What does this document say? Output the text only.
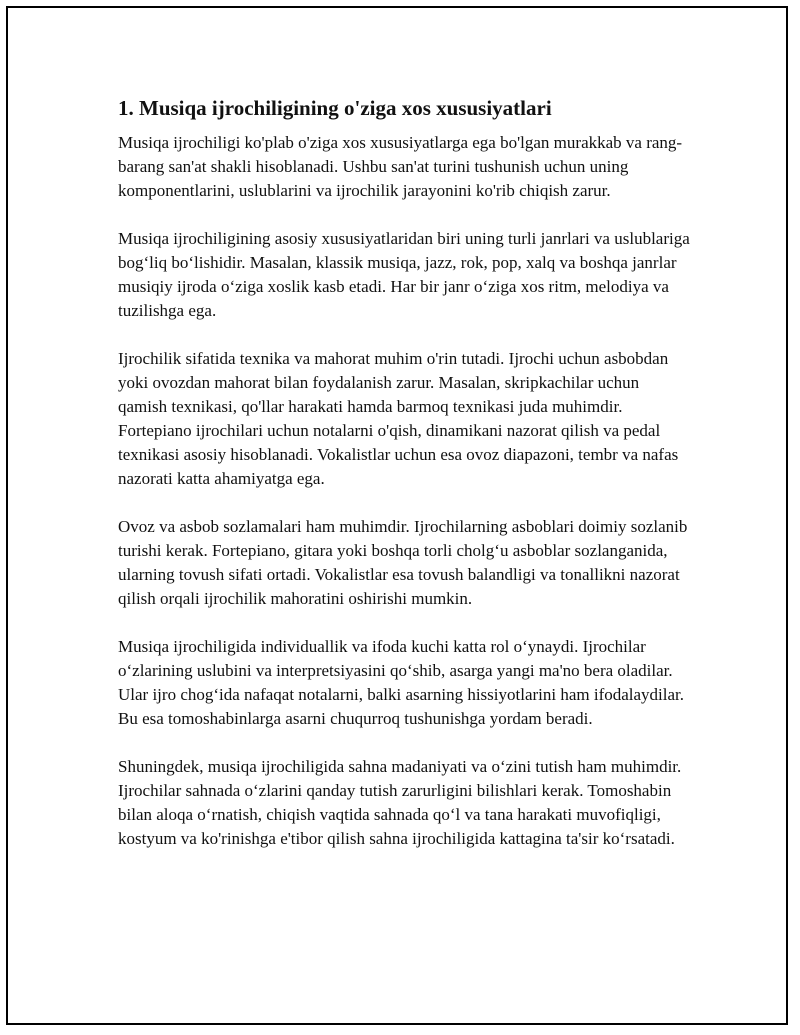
1. Musiqa ijrochiligining o'ziga xos xususiyatlari

Musiqa ijrochiligi ko'plab o'ziga xos xususiyatlarga ega bo'lgan murakkab va rang-barang san'at shakli hisoblanadi. Ushbu san'at turini tushunish uchun uning komponentlarini, uslublarini va ijrochilik jarayonini ko'rib chiqish zarur.

Musiqa ijrochiligining asosiy xususiyatlaridan biri uning turli janrlari va uslublariga bog‘liq bo‘lishidir. Masalan, klassik musiqa, jazz, rok, pop, xalq va boshqa janrlar musiqiy ijroda o‘ziga xoslik kasb etadi. Har bir janr o‘ziga xos ritm, melodiya va tuzilishga ega.

Ijrochilik sifatida texnika va mahorat muhim o'rin tutadi. Ijrochi uchun asbobdan yoki ovozdan mahorat bilan foydalanish zarur. Masalan, skripkachilar uchun qamish texnikasi, qo'llar harakati hamda barmoq texnikasi juda muhimdir. Fortepiano ijrochilari uchun notalarni o'qish, dinamikani nazorat qilish va pedal texnikasi asosiy hisoblanadi. Vokalistlar uchun esa ovoz diapazoni, tembr va nafas nazorati katta ahamiyatga ega.

Ovoz va asbob sozlamalari ham muhimdir. Ijrochilarning asboblari doimiy sozlanib turishi kerak. Fortepiano, gitara yoki boshqa torli cholg‘u asboblar sozlanganida, ularning tovush sifati ortadi. Vokalistlar esa tovush balandligi va tonallikni nazorat qilish orqali ijrochilik mahoratini oshirishi mumkin.

Musiqa ijrochiligida individuallik va ifoda kuchi katta rol o‘ynaydi. Ijrochilar o‘zlarining uslubini va interpretsiyasini qo‘shib, asarga yangi ma'no bera oladilar. Ular ijro chog‘ida nafaqat notalarni, balki asarning hissiyotlarini ham ifodalaydilar. Bu esa tomoshabinlarga asarni chuqurroq tushunishga yordam beradi.

Shuningdek, musiqa ijrochiligida sahna madaniyati va o‘zini tutish ham muhimdir. Ijrochilar sahnada o‘zlarini qanday tutish zarurligini bilishlari kerak. Tomoshabin bilan aloqa o‘rnatish, chiqish vaqtida sahnada qo‘l va tana harakati muvofiqligi, kostyum va ko'rinishga e'tibor qilish sahna ijrochiligida kattagina ta'sir ko‘rsatadi.
